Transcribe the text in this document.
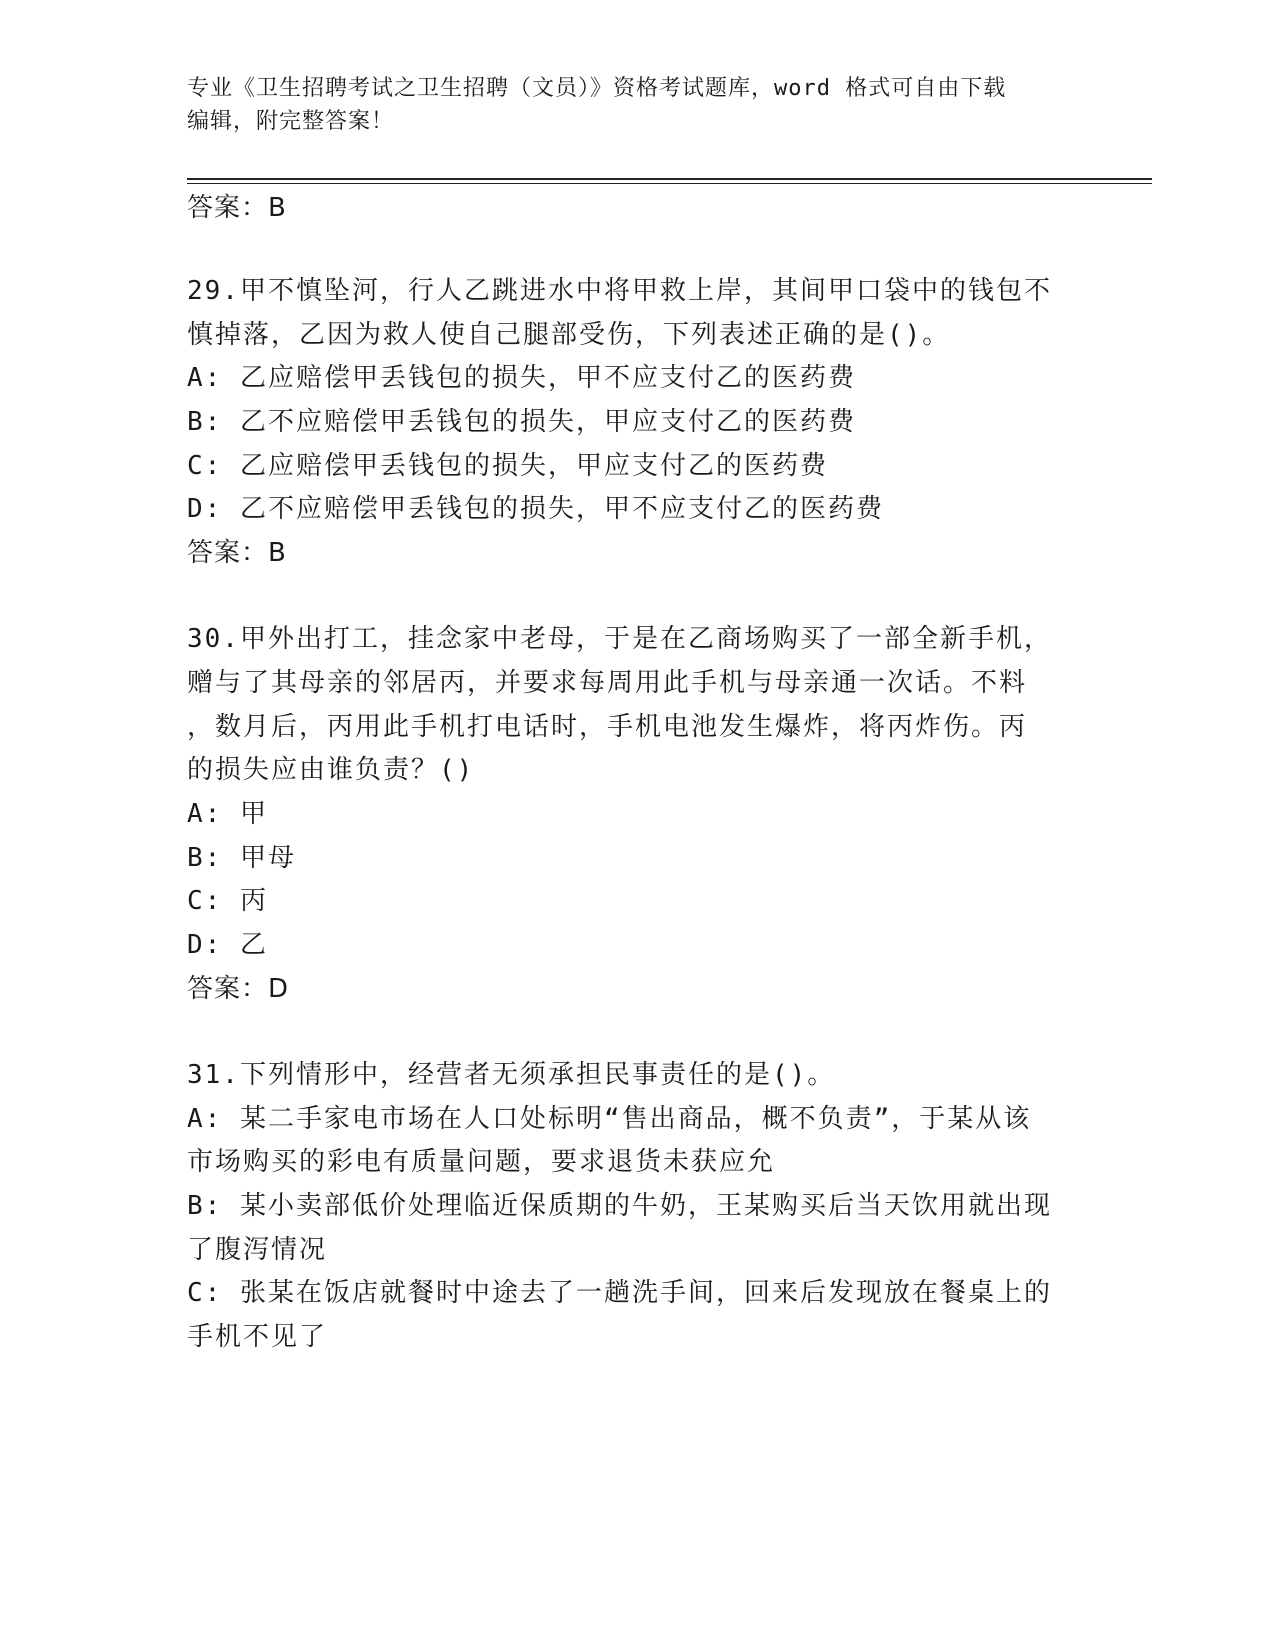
专业《卫生招聘考试之卫生招聘（文员）》资格考试题库，word 格式可自由下载
编辑，附完整答案！
答案：B
29.甲不慎坠河，行人乙跳进水中将甲救上岸，其间甲口袋中的钱包不
慎掉落，乙因为救人使自己腿部受伤，下列表述正确的是()。
A: 乙应赔偿甲丢钱包的损失，甲不应支付乙的医药费
B: 乙不应赔偿甲丢钱包的损失，甲应支付乙的医药费
C: 乙应赔偿甲丢钱包的损失，甲应支付乙的医药费
D: 乙不应赔偿甲丢钱包的损失，甲不应支付乙的医药费
答案：B
30.甲外出打工，挂念家中老母，于是在乙商场购买了一部全新手机，
赠与了其母亲的邻居丙，并要求每周用此手机与母亲通一次话。不料
，数月后，丙用此手机打电话时，手机电池发生爆炸，将丙炸伤。丙
的损失应由谁负责？()
A: 甲
B: 甲母
C: 丙
D: 乙
答案：D
31.下列情形中，经营者无须承担民事责任的是()。
A: 某二手家电市场在人口处标明“售出商品，概不负责”，于某从该
市场购买的彩电有质量问题，要求退货未获应允
B: 某小卖部低价处理临近保质期的牛奶，王某购买后当天饮用就出现
了腹泻情况
C: 张某在饭店就餐时中途去了一趟洗手间，回来后发现放在餐桌上的
手机不见了
